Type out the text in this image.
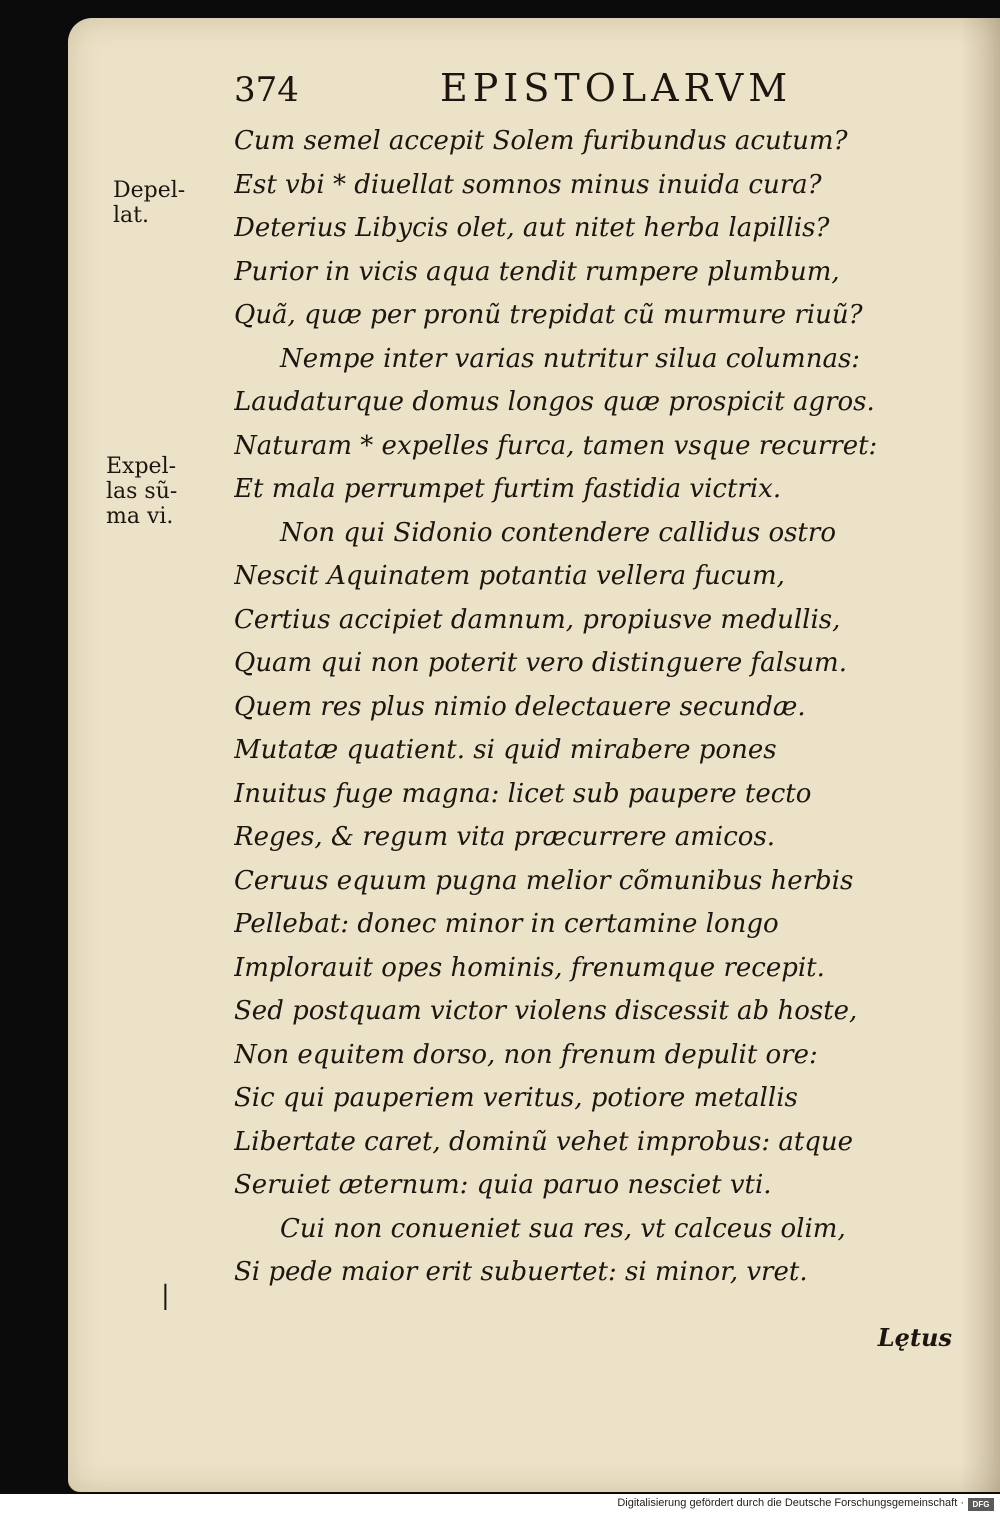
374	EPISTOLARVM
Depel-
lat.
Expel-
las sũ-
ma vi.
|
Cum semel accepit Solem furibundus acutum?
Est vbi * diuellat somnos minus inuida cura?
Deterius Libycis olet, aut nitet herba lapillis?
Purior in vicis aqua tendit rumpere plumbum,
Quã, quæ per pronũ trepidat cũ murmure riuũ?
Nempe inter varias nutritur silua columnas:
Laudaturque domus longos quæ prospicit agros.
Naturam * expelles furca, tamen vsque recurret:
Et mala perrumpet furtim fastidia victrix.
Non qui Sidonio contendere callidus ostro
Nescit Aquinatem potantia vellera fucum,
Certius accipiet damnum, propiusve medullis,
Quam qui non poterit vero distinguere falsum.
Quem res plus nimio delectauere secundæ.
Mutatæ quatient. si quid mirabere pones
Inuitus fuge magna: licet sub paupere tecto
Reges, & regum vita præcurrere amicos.
Ceruus equum pugna melior cõmunibus herbis
Pellebat: donec minor in certamine longo
Implorauit opes hominis, frenumque recepit.
Sed postquam victor violens discessit ab hoste,
Non equitem dorso, non frenum depulit ore:
Sic qui pauperiem veritus, potiore metallis
Libertate caret, dominũ vehet improbus: atque
Seruiet æternum: quia paruo nesciet vti.
Cui non conueniet sua res, vt calceus olim,
Si pede maior erit subuertet: si minor, vret.
Lętus
Digitalisierung gefördert durch die Deutsche Forschungsgemeinschaft ·	DFG
